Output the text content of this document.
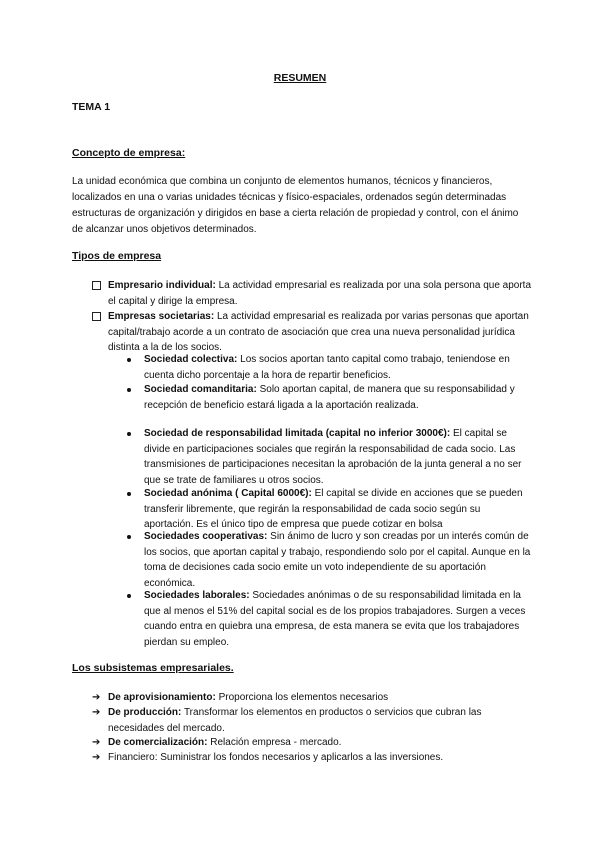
RESUMEN
TEMA 1
Concepto de empresa:
La unidad económica que combina un conjunto de elementos humanos, técnicos y financieros, localizados en una o varias unidades técnicas y físico-espaciales, ordenados según determinadas estructuras de organización y dirigidos en base a cierta relación de propiedad y control, con el ánimo de alcanzar unos objetivos determinados.
Tipos de empresa
Empresario individual: La actividad empresarial es realizada por una sola persona que aporta el capital y dirige la empresa.
Empresas societarias: La actividad empresarial es realizada por varias personas que aportan capital/trabajo acorde a un contrato de asociación que crea una nueva personalidad jurídica distinta a la de los socios.
Sociedad colectiva: Los socios aportan tanto capital como trabajo, teniendose en cuenta dicho porcentaje a la hora de repartir beneficios.
Sociedad comanditaria: Solo aportan capital, de manera que su responsabilidad y recepción de beneficio estará ligada a la aportación realizada.
Sociedad de responsabilidad limitada (capital no inferior 3000€): El capital se divide en participaciones sociales que regirán la responsabilidad de cada socio. Las transmisiones de participaciones necesitan la aprobación de la junta general a no ser que se trate de familiares u otros socios.
Sociedad anónima ( Capital 6000€): El capital se divide en acciones que se pueden transferir libremente, que regirán la responsabilidad de cada socio según su aportación. Es el único tipo de empresa que puede cotizar en bolsa
Sociedades cooperativas: Sin ánimo de lucro y son creadas por un interés común de los socios, que aportan capital y trabajo, respondiendo solo por el capital. Aunque en la toma de decisiones cada socio emite un voto independiente de su aportación económica.
Sociedades laborales: Sociedades anónimas o de su responsabilidad limitada en la que al menos el 51% del capital social es de los propios trabajadores. Surgen a veces cuando entra en quiebra una empresa, de esta manera se evita que los trabajadores pierdan su empleo.
Los subsistemas empresariales.
➔ De aprovisionamiento: Proporciona los elementos necesarios
➔ De producción: Transformar los elementos en productos o servicios que cubran las necesidades del mercado.
➔ De comercialización: Relación empresa - mercado.
➔ Financiero: Suministrar los fondos necesarios y aplicarlos a las inversiones.
